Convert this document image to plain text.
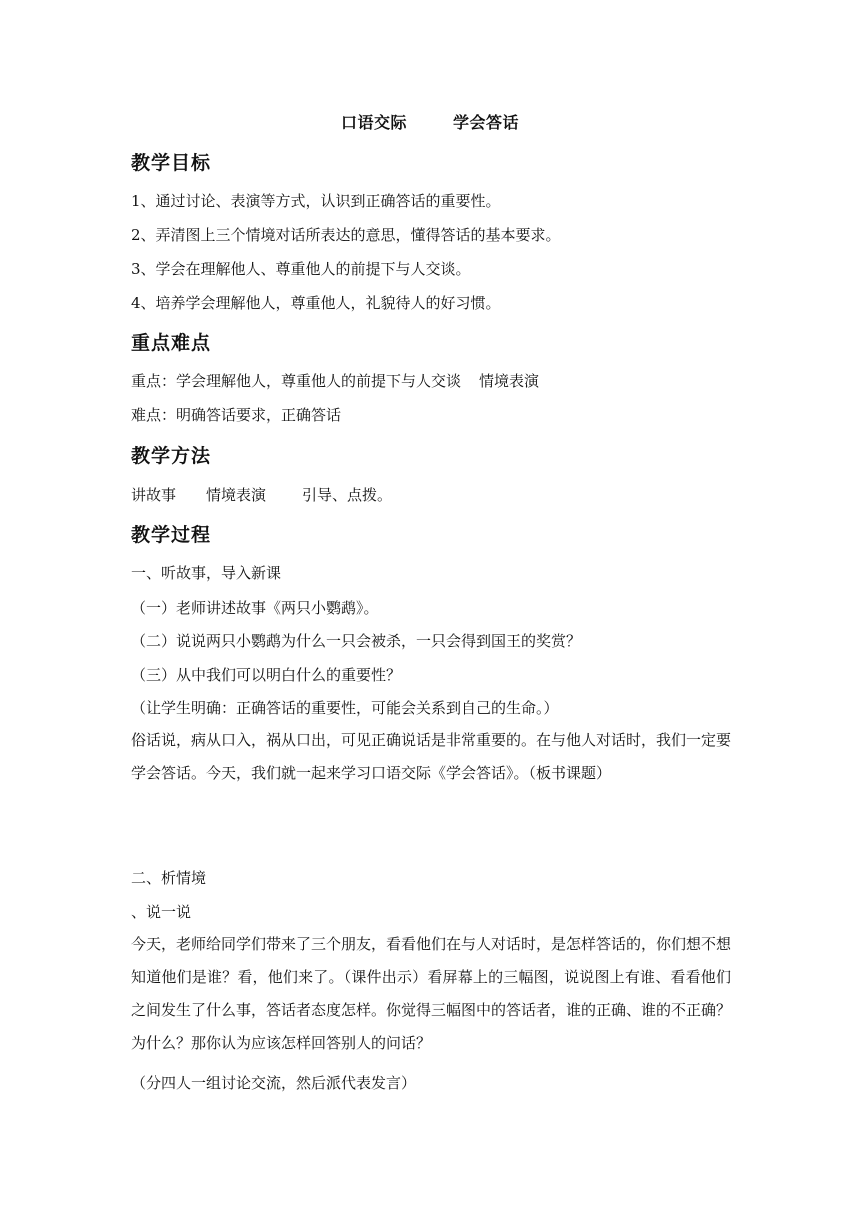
口语交际	学会答话
教学目标
1、通过讨论、表演等方式，认识到正确答话的重要性。
2、弄清图上三个情境对话所表达的意思，懂得答话的基本要求。
3、学会在理解他人、尊重他人的前提下与人交谈。
4、培养学会理解他人，尊重他人，礼貌待人的好习惯。
重点难点
重点：学会理解他人，尊重他人的前提下与人交谈 情境表演
难点：明确答话要求，正确答话
教学方法
讲故事 情境表演 引导、点拨。
教学过程
一、听故事，导入新课
（一）老师讲述故事《两只小鹦鹉》。
（二）说说两只小鹦鹉为什么一只会被杀，一只会得到国王的奖赏？
（三）从中我们可以明白什么的重要性？
（让学生明确：正确答话的重要性，可能会关系到自己的生命。）
俗话说，病从口入，祸从口出，可见正确说话是非常重要的。在与他人对话时，我们一定要学会答话。今天，我们就一起来学习口语交际《学会答话》。（板书课题）
二、析情境
、说一说
今天，老师给同学们带来了三个朋友，看看他们在与人对话时，是怎样答话的，你们想不想知道他们是谁？看，他们来了。（课件出示）看屏幕上的三幅图，说说图上有谁、看看他们之间发生了什么事，答话者态度怎样。你觉得三幅图中的答话者，谁的正确、谁的不正确？为什么？那你认为应该怎样回答别人的问话？
（分四人一组讨论交流，然后派代表发言）
